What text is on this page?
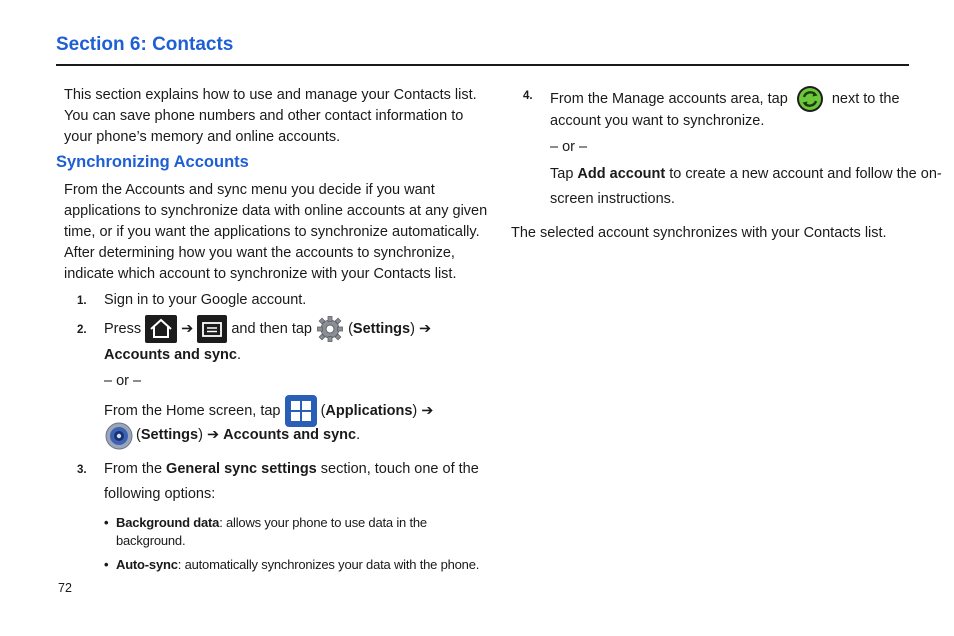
Section 6: Contacts
This section explains how to use and manage your Contacts list.
You can save phone numbers and other contact information to
your phone’s memory and online accounts.
Synchronizing Accounts
From the Accounts and sync menu you decide if you want
applications to synchronize data with online accounts at any given
time, or if you want the applications to synchronize automatically.
After determining how you want the accounts to synchronize,
indicate which account to synchronize with your Contacts list.
1. Sign in to your Google account.
2. Press	➔	and then tap (Settings) ➔
Accounts and sync.
– or –
From the Home screen, tap	(Applications) ➔
(Settings) ➔ Accounts and sync.
3. From the General sync settings section, touch one of the
following options:
• Background data: allows your phone to use data in the
background.
• Auto-sync: automatically synchronizes your data with the phone.
4. From the Manage accounts area, tap	next to the
account you want to synchronize.
– or –
Tap Add account to create a new account and follow the on-
screen instructions.
The selected account synchronizes with your Contacts list.
72
